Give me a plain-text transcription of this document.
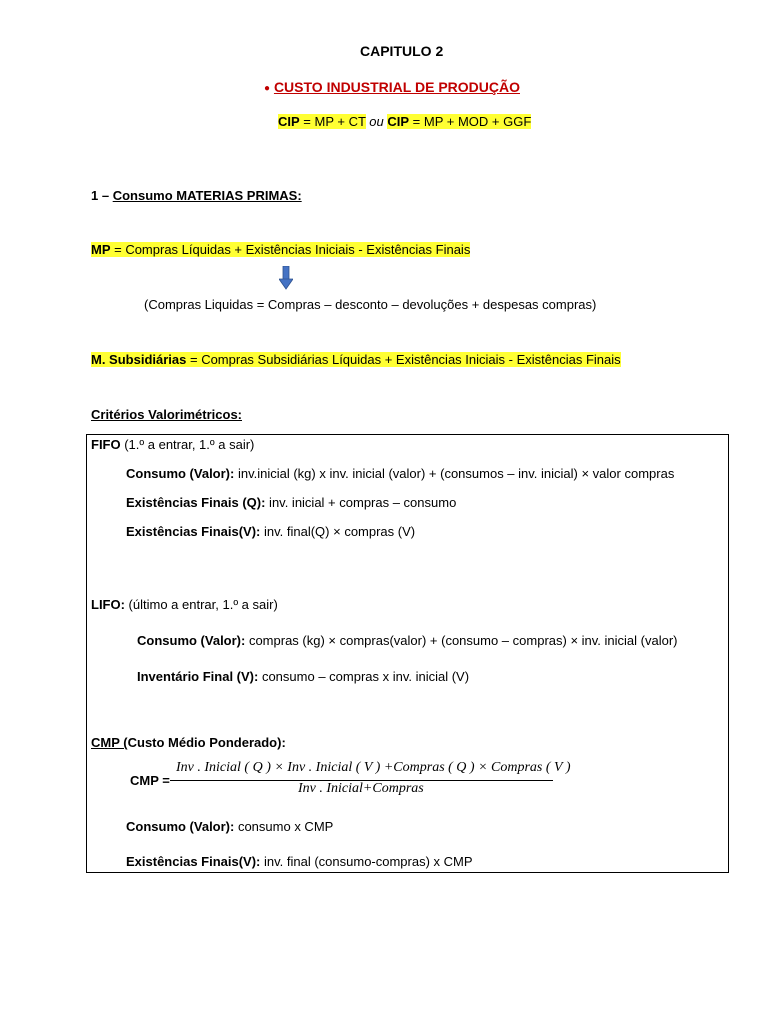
CAPITULO 2
● CUSTO INDUSTRIAL DE PRODUÇÃO
CIP = MP + CT ou CIP = MP + MOD + GGF
1 – Consumo MATERIAS PRIMAS:
MP = Compras Líquidas + Existências Iniciais - Existências Finais
(Compras Liquidas = Compras – desconto – devoluções + despesas compras)
M. Subsidiárias = Compras Subsidiárias Líquidas + Existências Iniciais - Existências Finais
Critérios Valorimétricos:
FIFO (1.º a entrar, 1.º a sair)
Consumo (Valor): inv.inicial (kg) x inv. inicial (valor) + (consumos – inv. inicial) × valor compras
Existências Finais (Q): inv. inicial + compras – consumo
Existências Finais(V): inv. final(Q) × compras (V)
LIFO: (último a entrar, 1.º a sair)
Consumo (Valor): compras (kg) × compras(valor) + (consumo – compras) × inv. inicial (valor)
Inventário Final (V): consumo – compras x inv. inicial (V)
CMP (Custo Médio Ponderado):
CMP =
Inv . Inicial ( Q ) × Inv . Inicial ( V ) +Compras ( Q ) × Compras ( V )
Inv . Inicial+Compras
Consumo (Valor): consumo x CMP
Existências Finais(V): inv. final (consumo-compras) x CMP
